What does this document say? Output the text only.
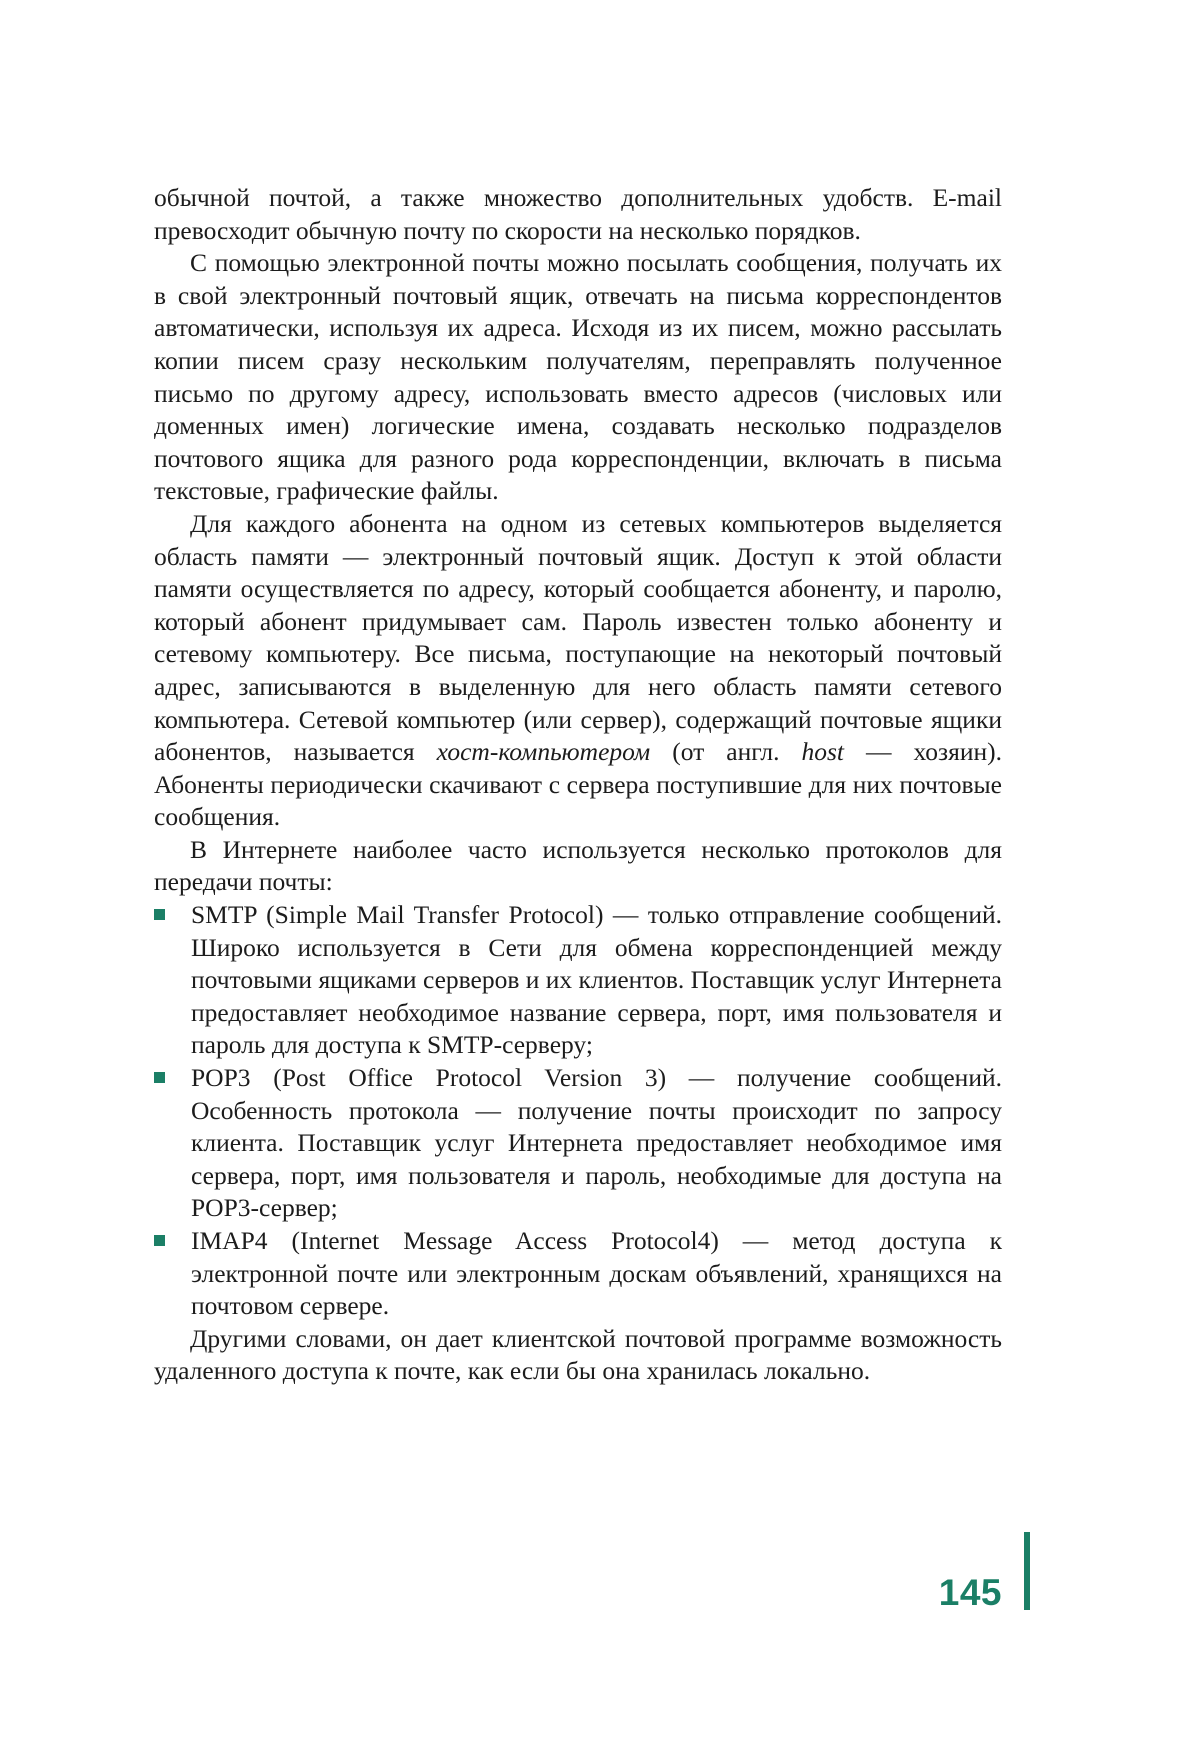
обычной почтой, а также множество дополнительных удобств. E-mail превосходит обычную почту по скорости на несколько порядков.

С помощью электронной почты можно посылать сообщения, получать их в свой электронный почтовый ящик, отвечать на письма корреспондентов автоматически, используя их адреса. Исходя из их писем, можно рассылать копии писем сразу нескольким получателям, переправлять полученное письмо по другому адресу, использовать вместо адресов (числовых или доменных имен) логические имена, создавать несколько подразделов почтового ящика для разного рода корреспонденции, включать в письма текстовые, графические файлы.

Для каждого абонента на одном из сетевых компьютеров выделяется область памяти — электронный почтовый ящик. Доступ к этой области памяти осуществляется по адресу, который сообщается абоненту, и паролю, который абонент придумывает сам. Пароль известен только абоненту и сетевому компьютеру. Все письма, поступающие на некоторый почтовый адрес, записываются в выделенную для него область памяти сетевого компьютера. Сетевой компьютер (или сервер), содержащий почтовые ящики абонентов, называется хост-компьютером (от англ. host — хозяин). Абоненты периодически скачивают с сервера поступившие для них почтовые сообщения.

В Интернете наиболее часто используется несколько протоколов для передачи почты:

SMTP (Simple Mail Transfer Protocol) — только отправление сообщений. Широко используется в Сети для обмена корреспонденцией между почтовыми ящиками серверов и их клиентов. Поставщик услуг Интернета предоставляет необходимое название сервера, порт, имя пользователя и пароль для доступа к SMTP-серверу;
POP3 (Post Office Protocol Version 3) — получение сообщений. Особенность протокола — получение почты происходит по запросу клиента. Поставщик услуг Интернета предоставляет необходимое имя сервера, порт, имя пользователя и пароль, необходимые для доступа на POP3-сервер;
IMAP4 (Internet Message Access Protocol4) — метод доступа к электронной почте или электронным доскам объявлений, хранящихся на почтовом сервере.

Другими словами, он дает клиентской почтовой программе возможность удаленного доступа к почте, как если бы она хранилась локально.

145
